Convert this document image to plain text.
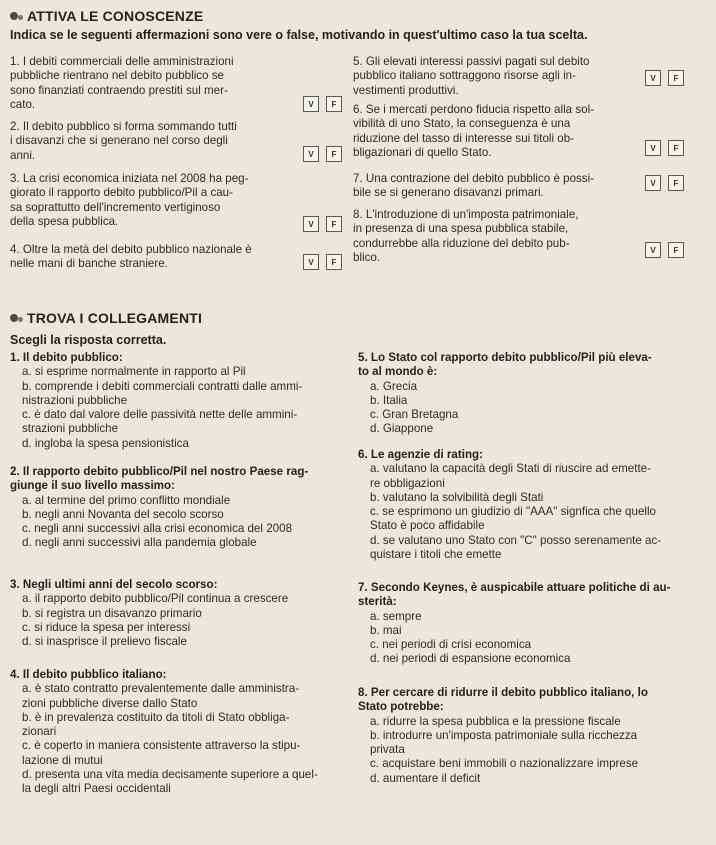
ATTIVA LE CONOSCENZE
Indica se le seguenti affermazioni sono vere o false, motivando in quest'ultimo caso la tua scelta.
1. I debiti commerciali delle amministrazioni
pubbliche rientrano nel debito pubblico se
sono finanziati contraendo prestiti sul mer-
cato.	V	F
2. Il debito pubblico si forma sommando tutti
i disavanzi che si generano nel corso degli
anni.	V	F
3. La crisi economica iniziata nel 2008 ha peg-
giorato il rapporto debito pubblico/Pil a cau-
sa soprattutto dell'incremento vertiginoso
della spesa pubblica.	V	F
4. Oltre la metà del debito pubblico nazionale è
nelle mani di banche straniere.	V	F
5. Gli elevati interessi passivi pagati sul debito
pubblico italiano sottraggono risorse agli in-
vestimenti produttivi.
V	F
6. Se i mercati perdono fiducia rispetto alla sol-
vibilità di uno Stato, la conseguenza è una
riduzione del tasso di interesse sui titoli ob-
bligazionari di quello Stato.	V	F
7. Una contrazione del debito pubblico è possi-
bile se si generano disavanzi primari.
V	F
8. L'introduzione di un'imposta patrimoniale,
in presenza di una spesa pubblica stabile,
condurrebbe alla riduzione del debito pub-
blico.
V	F
TROVA I COLLEGAMENTI
Scegli la risposta corretta.
1. Il debito pubblico:
a. si esprime normalmente in rapporto al Pil
b. comprende i debiti commerciali contratti dalle ammi-
nistrazioni pubbliche
c. è dato dal valore delle passività nette delle ammini-
strazioni pubbliche
d. ingloba la spesa pensionistica
2. Il rapporto debito pubblico/Pil nel nostro Paese rag-
giunge il suo livello massimo:
a. al termine del primo conflitto mondiale
b. negli anni Novanta del secolo scorso
c. negli anni successivi alla crisi economica del 2008
d. negli anni successivi alla pandemia globale
3. Negli ultimi anni del secolo scorso:
a. il rapporto debito pubblico/Pil continua a crescere
b. si registra un disavanzo primario
c. si riduce la spesa per interessi
d. si inasprisce il prelievo fiscale
4. Il debito pubblico italiano:
a. è stato contratto prevalentemente dalle amministra-
zioni pubbliche diverse dallo Stato
b. è in prevalenza costituito da titoli di Stato obbliga-
zionari
c. è coperto in maniera consistente attraverso la stipu-
lazione di mutui
d. presenta una vita media decisamente superiore a quel-
la degli altri Paesi occidentali
5. Lo Stato col rapporto debito pubblico/Pil più eleva-
to al mondo è:
a. Grecia
b. Italia
c. Gran Bretagna
d. Giappone
6. Le agenzie di rating:
a. valutano la capacità degli Stati di riuscire ad emette-
re obbligazioni
b. valutano la solvibilità degli Stati
c. se esprimono un giudizio di "AAA" signfica che quello
Stato è poco affidabile
d. se valutano uno Stato con "C" posso serenamente ac-
quistare i titoli che emette
7. Secondo Keynes, è auspicabile attuare politiche di au-
sterità:
a. sempre
b. mai
c. nei periodi di crisi economica
d. nei periodi di espansione economica
8. Per cercare di ridurre il debito pubblico italiano, lo
Stato potrebbe:
a. ridurre la spesa pubblica e la pressione fiscale
b. introdurre un'imposta patrimoniale sulla ricchezza
privata
c. acquistare beni immobili o nazionalizzare imprese
d. aumentare il deficit
